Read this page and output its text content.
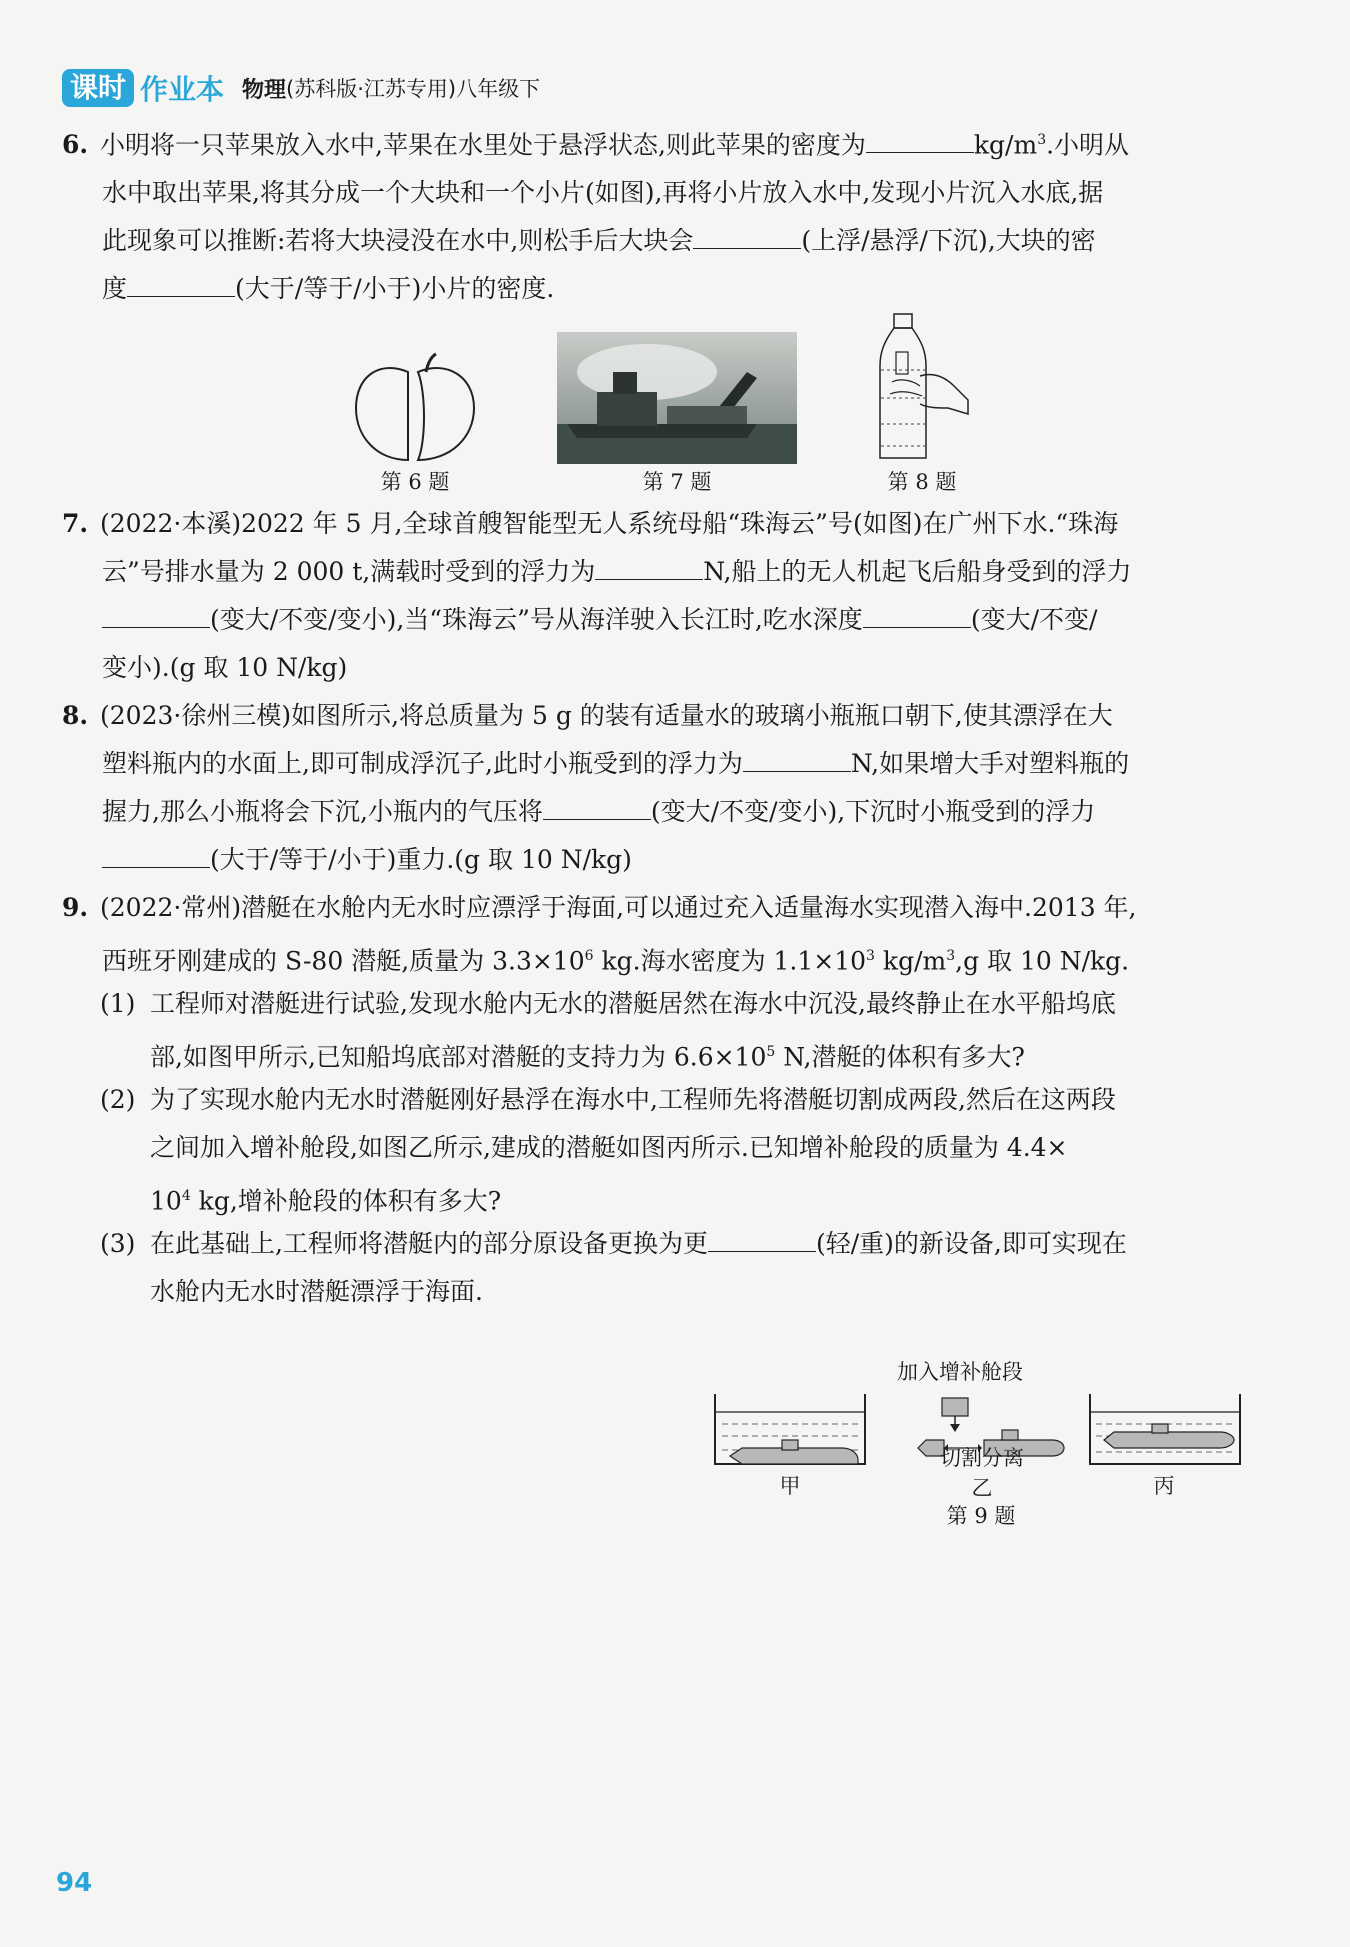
课时 作业本 物理 (苏科版·江苏专用)八年级下
6. 小明将一只苹果放入水中,苹果在水里处于悬浮状态,则此苹果的密度为	$kg/m^3$.小明从
水中取出苹果,将其分成一个大块和一个小片(如图),再将小片放入水中,发现小片沉入水底,据
此现象可以推断:若将大块浸没在水中,则松手后大块会	(上浮/悬浮/下沉),大块的密
度	(大于/等于/小于)小片的密度.
第 6 题	第 7 题	第 8 题
7. (2022·本溪)2022 年 5 月,全球首艘智能型无人系统母船“珠海云”号(如图)在广州下水.“珠海
云”号排水量为 2 000 t,满载时受到的浮力为	N,船上的无人机起飞后船身受到的浮力
(变大/不变/变小),当“珠海云”号从海洋驶入长江时,吃水深度	(变大/不变/
变小).(g 取 10 N/kg)
8. (2023·徐州三模)如图所示,将总质量为 5 g 的装有适量水的玻璃小瓶瓶口朝下,使其漂浮在大
塑料瓶内的水面上,即可制成浮沉子,此时小瓶受到的浮力为	N,如果增大手对塑料瓶的
握力,那么小瓶将会下沉,小瓶内的气压将	(变大/不变/变小),下沉时小瓶受到的浮力
(大于/等于/小于)重力.(g 取 10 N/kg)
9. (2022·常州)潜艇在水舱内无水时应漂浮于海面,可以通过充入适量海水实现潜入海中.2013 年,
西班牙刚建成的 S-80 潜艇,质量为 $3.3\times 10^6$ kg.海水密度为 $1.1\times 10^3$ $kg/m^3,g$ 取 10 N/kg.
(1) 工程师对潜艇进行试验,发现水舱内无水的潜艇居然在海水中沉没,最终静止在水平船坞底
部,如图甲所示,已知船坞底部对潜艇的支持力为 $6.6\times 10^5$ N,潜艇的体积有多大?
(2) 为了实现水舱内无水时潜艇刚好悬浮在海水中,工程师先将潜艇切割成两段,然后在这两段
之间加入增补舱段,如图乙所示,建成的潜艇如图丙所示.已知增补舱段的质量为 4.4×
$10^4$ kg,增补舱段的体积有多大?
(3) 在此基础上,工程师将潜艇内的部分原设备更换为更	(轻/重)的新设备,即可实现在
水舱内无水时潜艇漂浮于海面.
加入增补舱段
切割分离
甲	乙	丙
第 9 题
94
